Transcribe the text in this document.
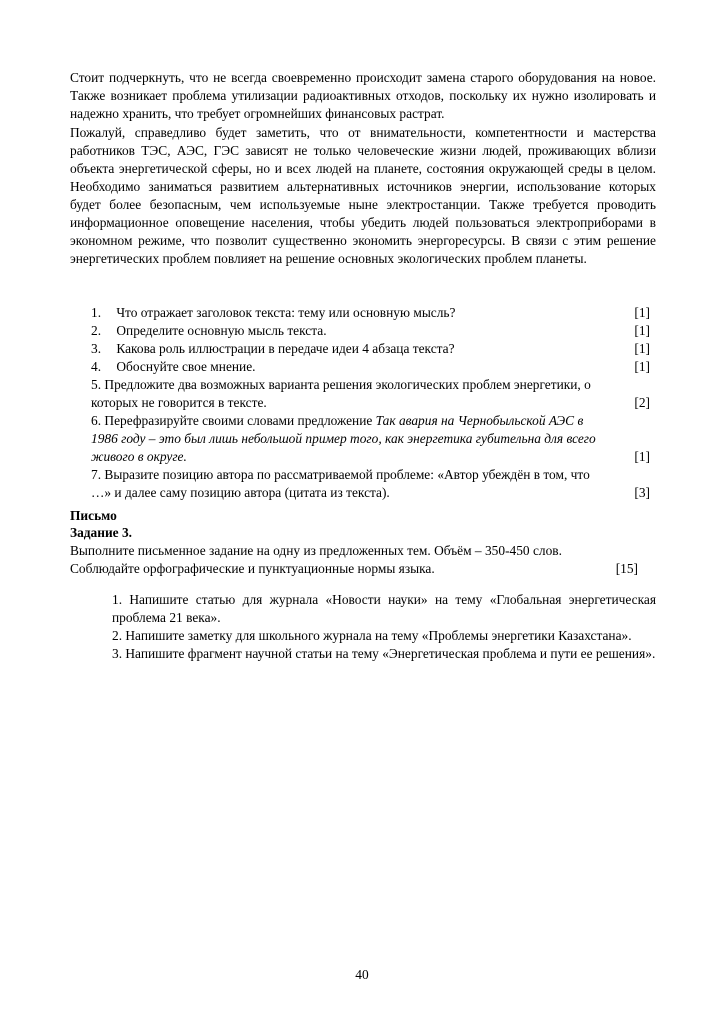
Стоит подчеркнуть, что не всегда своевременно происходит замена старого оборудования на новое. Также возникает проблема утилизации радиоактивных отходов, поскольку их нужно изолировать и надежно хранить, что требует огромнейших финансовых растрат.

Пожалуй, справедливо будет заметить, что от внимательности, компетентности и мастерства работников ТЭС, АЭС, ГЭС зависят не только человеческие жизни людей, проживающих вблизи объекта энергетической сферы, но и всех людей на планете, состояния окружающей среды в целом. Необходимо заниматься развитием альтернативных источников энергии, использование которых будет более безопасным, чем используемые ныне электростанции. Также требуется проводить информационное оповещение населения, чтобы убедить людей пользоваться электроприборами в экономном режиме, что позволит существенно экономить энергоресурсы. В связи с этим решение энергетических проблем повлияет на решение основных экологических проблем планеты.

1. Что отражает заголовок текста: тему или основную мысль?	[1]
2. Определите основную мысль текста.	[1]
3. Какова роль иллюстрации в передаче идеи 4 абзаца текста?	[1]
4. Обоснуйте свое мнение.	[1]
5. Предложите два возможных варианта решения экологических проблем энергетики, о
которых не говорится в тексте.	[2]
6. Перефразируйте своими словами предложение Так авария на Чернобыльской АЭС в
1986 году – это был лишь небольшой пример того, как энергетика губительна для всего
живого в округе.	[1]
7. Выразите позицию автора по рассматриваемой проблеме: «Автор убеждён в том, что
…» и далее саму позицию автора (цитата из текста).	[3]

Письмо

Задание 3.

Выполните письменное задание на одну из предложенных тем. Объём – 350-450 слов.
Соблюдайте орфографические и пунктуационные нормы языка.	[15]

1. Напишите статью для журнала «Новости науки» на тему «Глобальная энергетическая проблема 21 века».

2. Напишите заметку для школьного журнала на тему «Проблемы энергетики Казахстана».

3. Напишите фрагмент научной статьи на тему «Энергетическая проблема и пути ее решения».

40
